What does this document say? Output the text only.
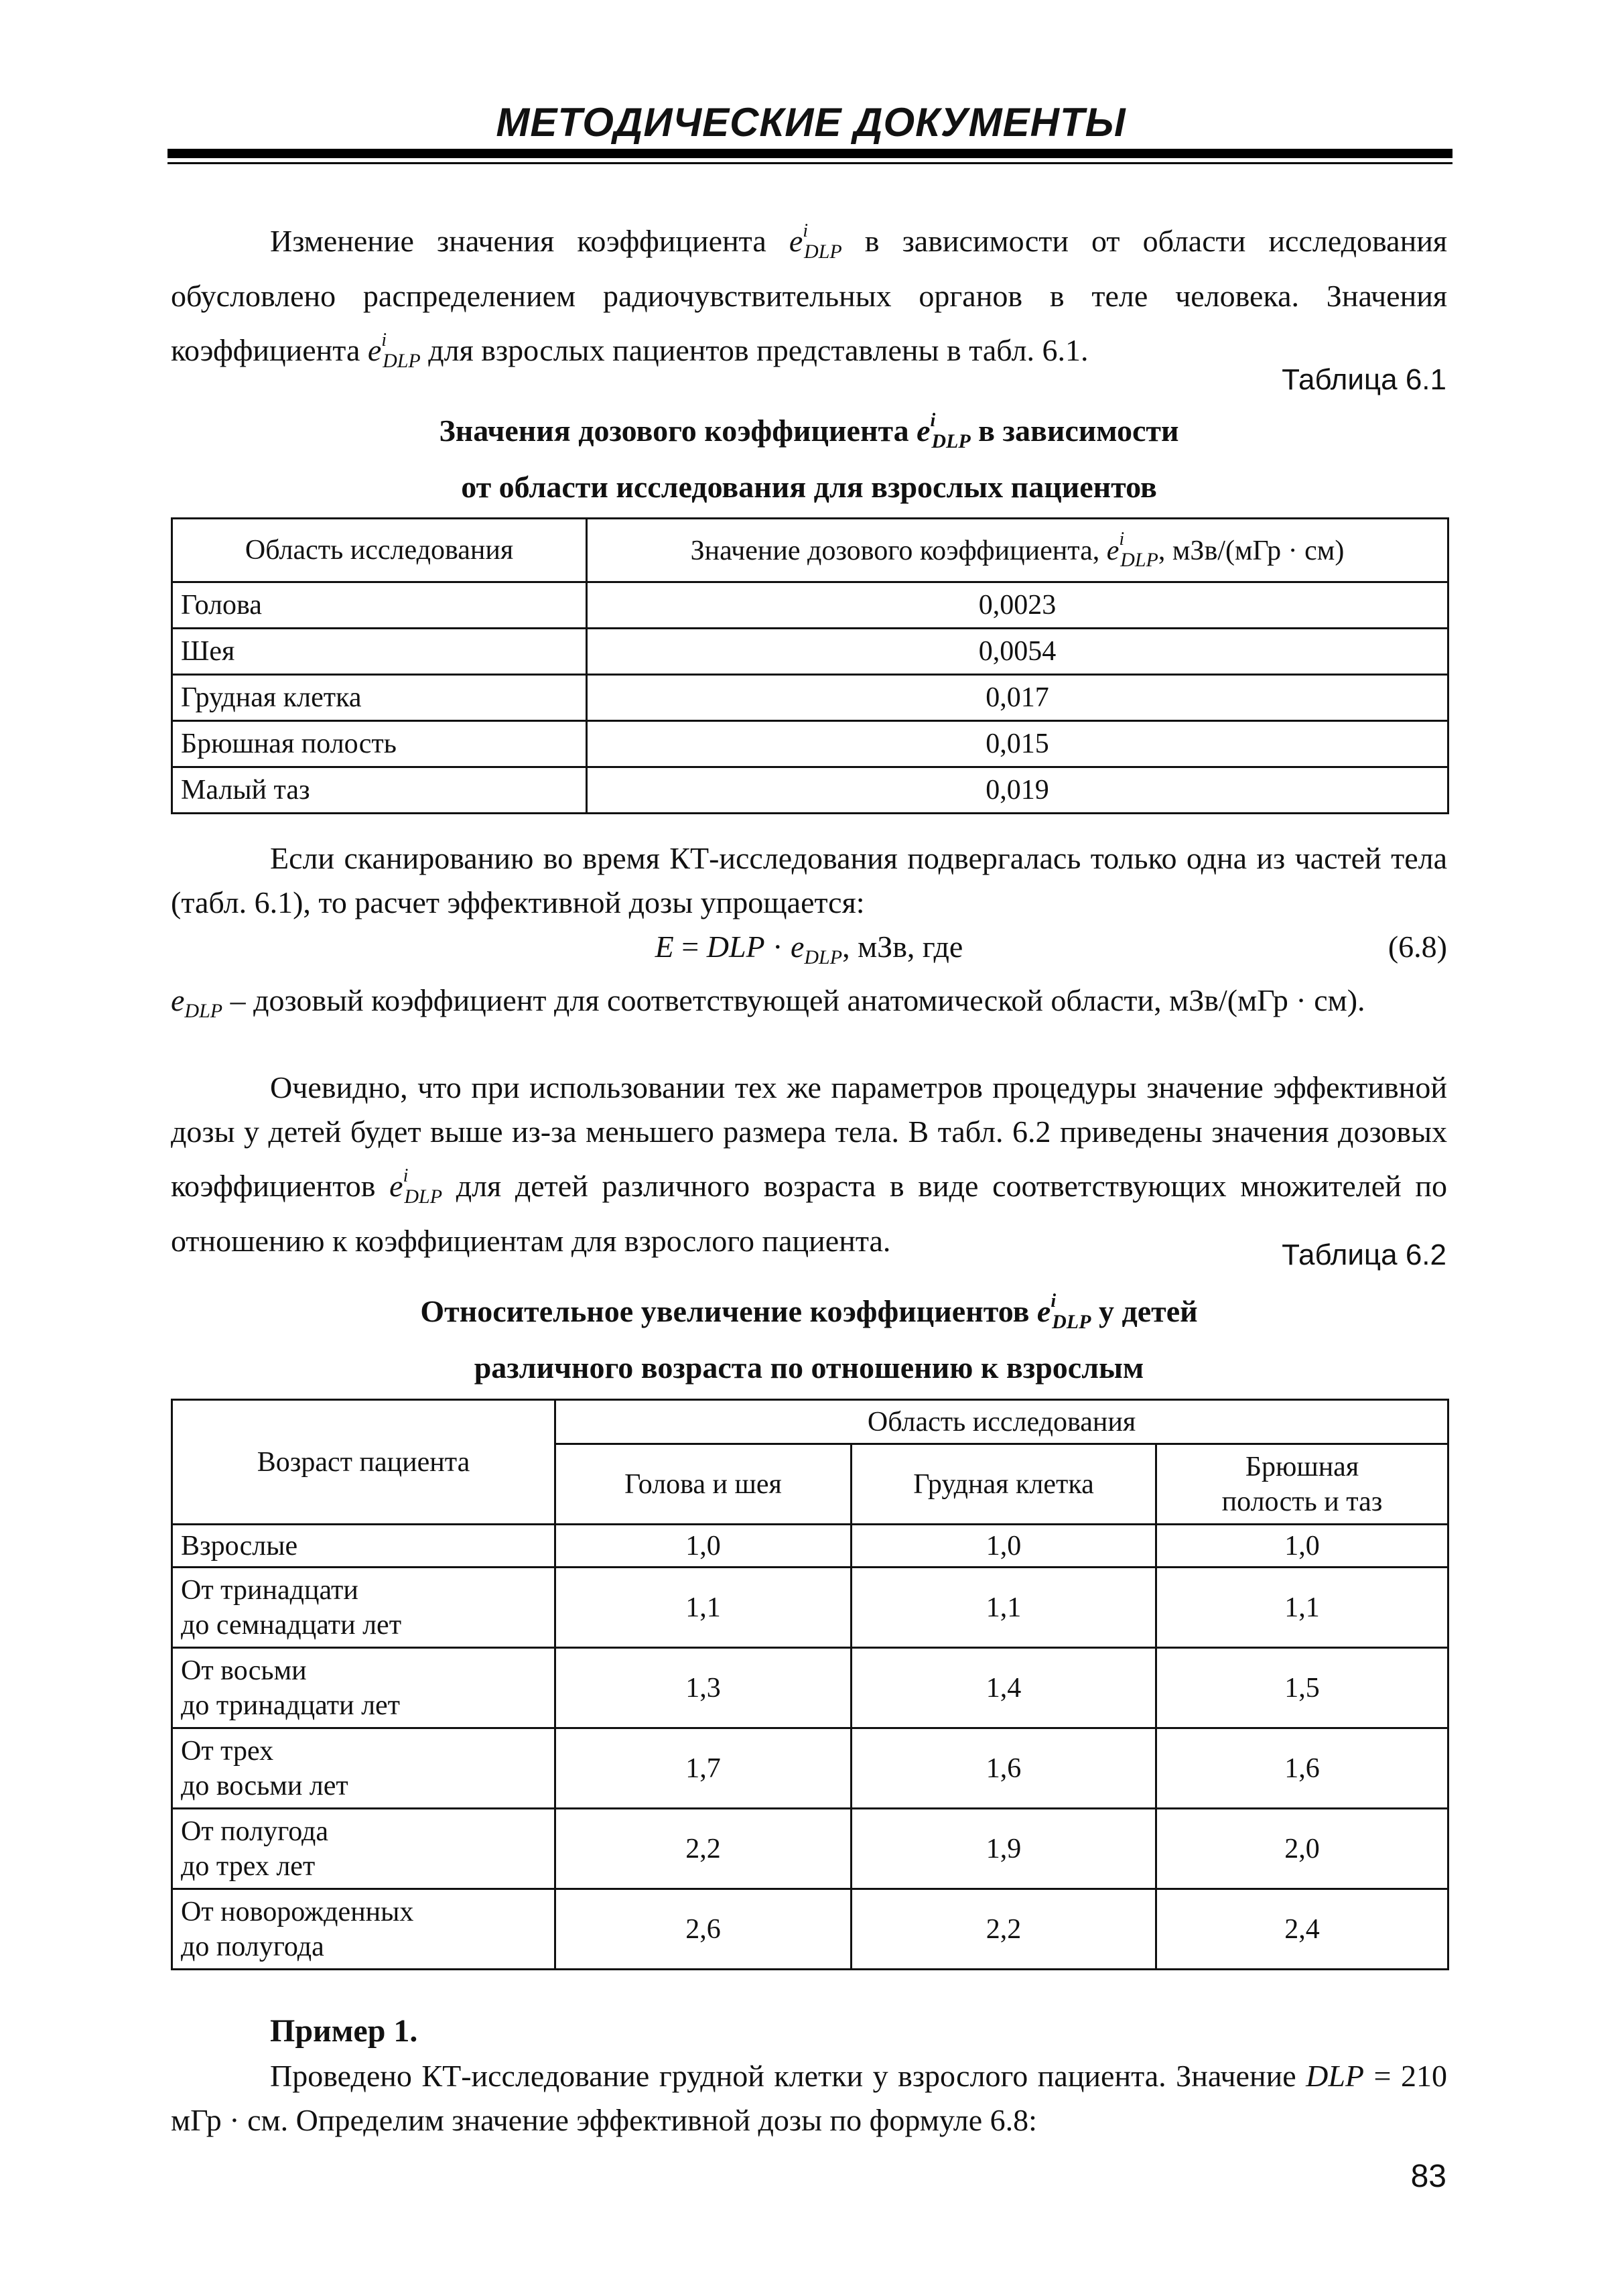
МЕТОДИЧЕСКИЕ ДОКУМЕНТЫ
Изменение значения коэффициента $e^i_{DLP}$ в зависимости от области исследования обусловлено распределением радиочувствительных органов в теле человека. Значения коэффициента $e^i_{DLP}$ для взрослых пациентов представлены в табл. 6.1.
Таблица 6.1
Значения дозового коэффициента $e^i_{DLP}$ в зависимости
от области исследования для взрослых пациентов
Область исследования	Значение дозового коэффициента, $e^i_{DLP}$, мЗв/(мГр · см)
Голова	0,0023
Шея	0,0054
Грудная клетка	0,017
Брюшная полость	0,015
Малый таз	0,019
Если сканированию во время КТ-исследования подвергалась только одна из частей тела (табл. 6.1), то расчет эффективной дозы упрощается:
E = DLP · $e_{DLP}$, мЗв, где	(6.8)
$e_{DLP}$ – дозовый коэффициент для соответствующей анатомической области, мЗв/(мГр · см).
Очевидно, что при использовании тех же параметров процедуры значение эффективной дозы у детей будет выше из-за меньшего размера тела. В табл. 6.2 приведены значения дозовых коэффициентов $e^i_{DLP}$ для детей различного возраста в виде соответствующих множителей по отношению к коэффициентам для взрослого пациента.	Таблица 6.2
Относительное увеличение коэффициентов $e^i_{DLP}$ у детей
различного возраста по отношению к взрослым
Возраст пациента	Область исследования		
	Голова и шея	Грудная клетка	Брюшная
полость и таз

Взрослые	1,0	1,0	1,0

От тринадцати
до семнадцати лет	1,1	1,1	1,1

От восьми
до тринадцати лет	1,3	1,4	1,5

От трех
до восьми лет	1,7	1,6	1,6

От полугода
до трех лет	2,2	1,9	2,0

От новорожденных
до полугода	2,6	2,2	2,4
Пример 1.
Проведено КТ-исследование грудной клетки у взрослого пациента. Значение DLP = 210 мГр · см. Определим значение эффективной дозы по формуле 6.8:
83
